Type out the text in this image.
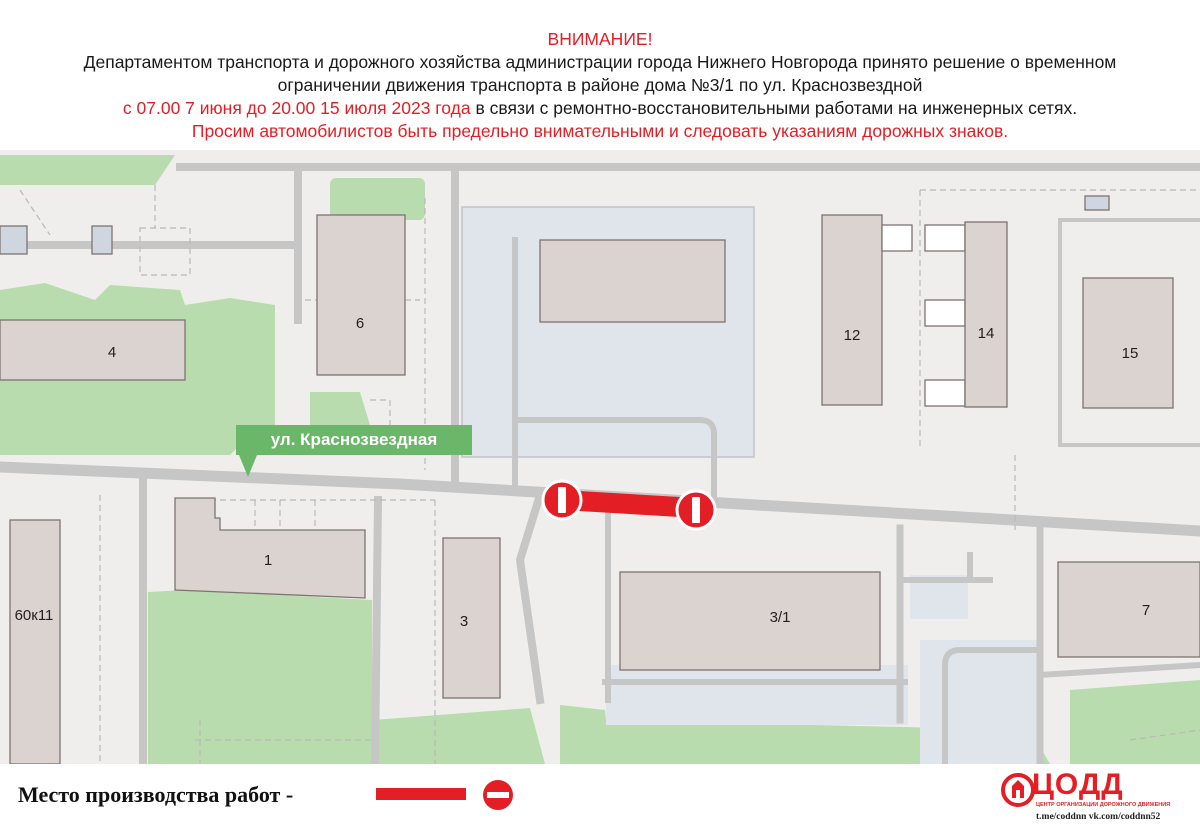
ВНИМАНИЕ!
Департаментом транспорта и дорожного хозяйства администрации города Нижнего Новгорода принято решение о временном
ограничении движения транспорта в районе дома №3/1 по ул. Краснозвездной
с 07.00 7 июня до 20.00 15 июля 2023 года в связи с ремонтно-восстановительными работами на инженерных сетях.
Просим автомобилистов быть предельно внимательными и следовать указаниям дорожных знаков.
4
6
12	14
15
1
3	3/1	7
60к11
ул. Краснозвездная
Место производства работ -	ЦОДД
ЦЕНТР ОРГАНИЗАЦИИ ДОРОЖНОГО ДВИЖЕНИЯ
t.me/coddnn vk.com/coddnn52
